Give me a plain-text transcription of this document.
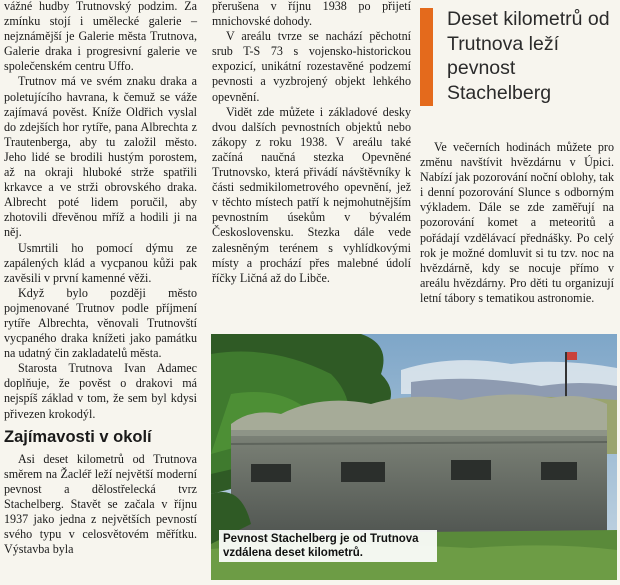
vážné hudby Trutnovský podzim. Za zmínku stojí i umělecké galerie – nejznámější je Galerie města Trutnova, Galerie draka i progresivní galerie ve společenském centru Uffo.

Trutnov má ve svém znaku draka a poletujícího havrana, k čemuž se váže zajímavá pověst. Kníže Oldřich vyslal do zdejších hor rytíře, pana Albrechta z Trautenberga, aby tu založil město. Jeho lidé se brodili hustým porostem, až na okraji hluboké strže spatřili krkavce a ve strži obrovského draka. Albrecht poté lidem poručil, aby zhotovili dřevěnou mříž a hodili ji na něj.

Usmrtili ho pomocí dýmu ze zapálených klád a vycpanou kůži pak zavěsili v první kamenné věži.

Když bylo později město pojmenované Trutnov podle příjmení rytíře Albrechta, věnovali Trutnovští vycpaného draka knížeti jako památku na udatný čin zakladatelů města.

Starosta Trutnova Ivan Adamec doplňuje, že pověst o drakovi má nejspíš základ v tom, že sem byl kdysi přivezen krokodýl.

Zajímavosti v okolí

Asi deset kilometrů od Trutnova směrem na Žacléř leží největší moderní pevnost a dělostřelecká tvrz Stachelberg. Stavět se začala v říjnu 1937 jako jedna z největších pevností svého typu v celosvětovém měřítku. Výstavba byla

přerušena v říjnu 1938 po přijetí mnichovské dohody.

V areálu tvrze se nachází pěchotní srub T-S 73 s vojensko-historickou expozicí, unikátní rozestavěné podzemí pevnosti a vyzbrojený objekt lehkého opevnění.

Vidět zde můžete i základové desky dvou dalších pevnostních objektů nebo zákopy z roku 1938. V areálu také začíná naučná stezka Opevněné Trutnovsko, která přivádí návštěvníky k části sedmikilometrového opevnění, jež v těchto místech patří k nejmohutnějším pevnostním úsekům v bývalém Československu. Stezka dále vede zalesněným terénem s vyhlídkovými místy a prochází přes malebné údolí říčky Ličná až do Libče.

Deset kilometrů od Trutnova leží pevnost Stachelberg

Ve večerních hodinách můžete pro změnu navštívit hvězdárnu v Úpici. Nabízí jak pozorování noční oblohy, tak i denní pozorování Slunce s odborným výkladem. Dále se zde zaměřují na pozorování komet a meteoritů a pořádají vzdělávací přednášky. Po celý rok je možné domluvit si tu tzv. noc na hvězdárně, kdy se nocuje přímo v areálu hvězdárny. Pro děti tu organizují letní tábory s tematikou astronomie.

Pevnost Stachelberg je od Trutnova vzdálena deset kilometrů.
